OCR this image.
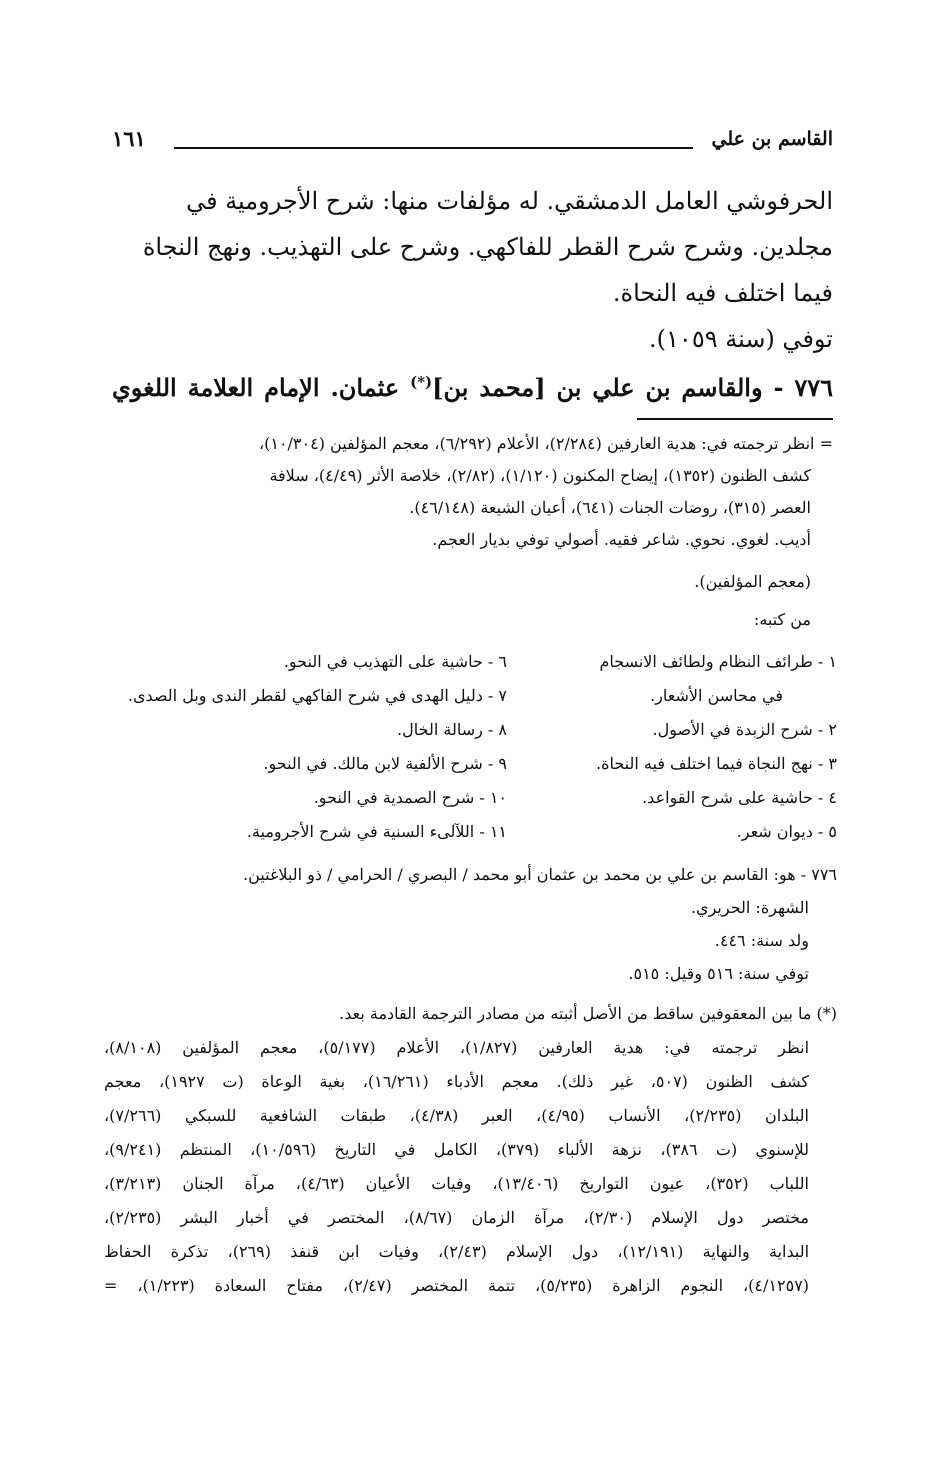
القاسم بن علي
١٦١

الحرفوشي العامل الدمشقي. له مؤلفات منها: شرح الأجرومية في

مجلدين. وشرح شرح القطر للفاكهي. وشرح على التهذيب. ونهج النجاة

فيما اختلف فيه النحاة.

توفي (سنة ١٠٥٩).

٧٧٦ - والقاسم بن علي بن [محمد بن](*) عثمان. الإمام العلامة اللغوي

= انظر ترجمته في: هدية العارفين (٢/٢٨٤)، الأعلام (٦/٢٩٢)، معجم المؤلفين (١٠/٣٠٤)،

كشف الظنون (١٣٥٢)، إيضاح المكنون (١/١٢٠)، (٢/٨٢)، خلاصة الأثر (٤/٤٩)، سلافة

العصر (٣١٥)، روضات الجنات (٦٤١)، أعيان الشيعة (٤٦/١٤٨).

أديب. لغوي. نحوي. شاعر فقيه. أصولي توفي بديار العجم.

(معجم المؤلفين).

من كتبه:

١ - طرائف النظام ولطائف الانسجام
في محاسن الأشعار.
٢ - شرح الزبدة في الأصول.
٣ - نهج النجاة فيما اختلف فيه النحاة.
٤ - حاشية على شرح القواعد.
٥ - ديوان شعر.
٦ - حاشية على التهذيب في النحو.
٧ - دليل الهدى في شرح الفاكهي لقطر الندى وبل الصدى.
٨ - رسالة الخال.
٩ - شرح الألفية لابن مالك. في النحو.
١٠ - شرح الصمدية في النحو.
١١ - اللآلىء السنية في شرح الأجرومية.

٧٧٦ - هو: القاسم بن علي بن محمد بن عثمان أبو محمد / البصري / الحرامي / ذو البلاغتين.

الشهرة: الحريري.

ولد سنة: ٤٤٦.

توفي سنة: ٥١٦ وقيل: ٥١٥.

(*) ما بين المعقوفين ساقط من الأصل أثبته من مصادر الترجمة القادمة بعد.

انظر ترجمته في: هدية العارفين (١/٨٢٧)، الأعلام (٥/١٧٧)، معجم المؤلفين (٨/١٠٨)،

كشف الظنون (٥٠٧، غير ذلك). معجم الأدباء (١٦/٢٦١)، بغية الوعاة (ت ١٩٢٧)، معجم

البلدان (٢/٢٣٥)، الأنساب (٤/٩٥)، العبر (٤/٣٨)، طبقات الشافعية للسبكي (٧/٢٦٦)،

للإسنوي (ت ٣٨٦)، نزهة الألباء (٣٧٩)، الكامل في التاريخ (١٠/٥٩٦)، المنتظم (٩/٢٤١)،

اللباب (٣٥٢)، عيون التواريخ (١٣/٤٠٦)، وفيات الأعيان (٤/٦٣)، مرآة الجنان (٣/٢١٣)،

مختصر دول الإسلام (٢/٣٠)، مرآة الزمان (٨/٦٧)، المختصر في أخبار البشر (٢/٢٣٥)،

البداية والنهاية (١٢/١٩١)، دول الإسلام (٢/٤٣)، وفيات ابن قنفذ (٢٦٩)، تذكرة الحفاظ

(٤/١٢٥٧)، النجوم الزاهرة (٥/٢٣٥)، تتمة المختصر (٢/٤٧)، مفتاح السعادة (١/٢٢٣)، =
